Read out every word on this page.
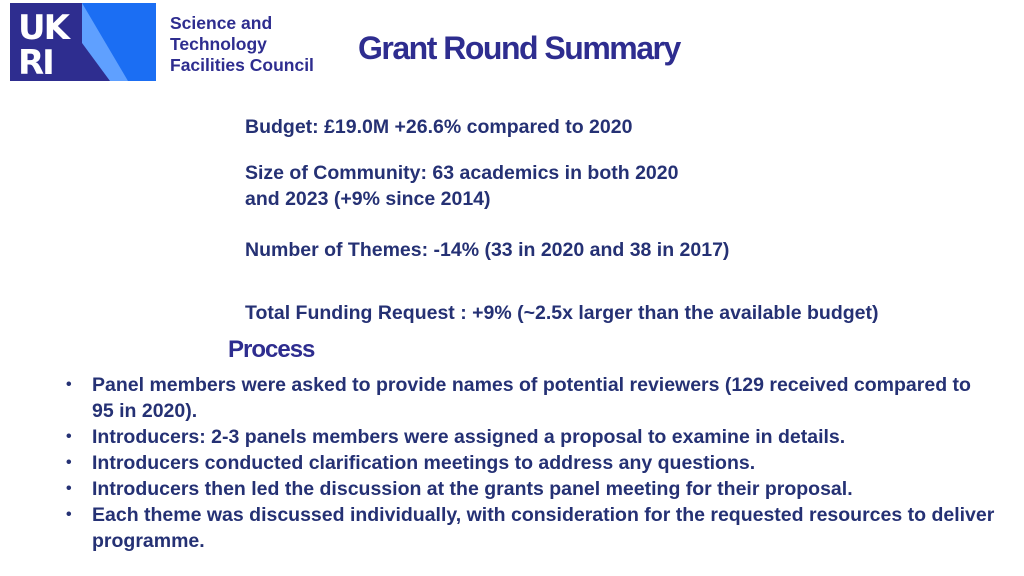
UK
RI
Science and
Technology
Facilities Council Grant Round Summary
Budget: £19.0M +26.6% compared to 2020
Size of Community: 63 academics in both 2020 and 2023 (+9% since 2014)
Number of Themes: -14% (33 in 2020 and 38 in 2017)
Total Funding Request : +9% (~2.5x larger than the available budget)
Process
• Panel members were asked to provide names of potential reviewers (129 received compared to 95 in 2020).
• Introducers: 2-3 panels members were assigned a proposal to examine in details.
• Introducers conducted clarification meetings to address any questions.
• Introducers then led the discussion at the grants panel meeting for their proposal.
• Each theme was discussed individually, with consideration for the requested resources to deliver programme.
